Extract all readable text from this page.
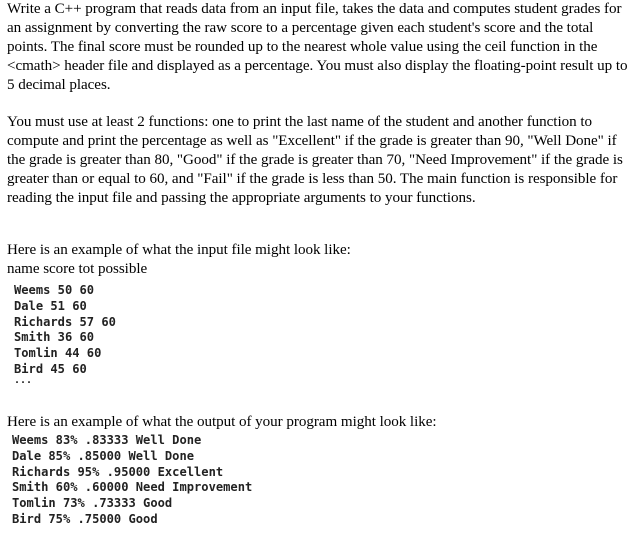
Write a C++ program that reads data from an input file, takes the data and computes student grades for an assignment by converting the raw score to a percentage given each student's score and the total points. The final score must be rounded up to the nearest whole value using the ceil function in the <cmath> header file and displayed as a percentage. You must also display the floating-point result up to 5 decimal places.

You must use at least 2 functions: one to print the last name of the student and another function to compute and print the percentage as well as "Excellent" if the grade is greater than 90, "Well Done" if the grade is greater than 80, "Good" if the grade is greater than 70, "Need Improvement" if the grade is greater than or equal to 60, and "Fail" if the grade is less than 50. The main function is responsible for reading the input file and passing the appropriate arguments to your functions.

Here is an example of what the input file might look like:
name score tot possible
Weems 50 60
Dale 51 60
Richards 57 60
Smith 36 60
Tomlin 44 60
Bird 45 60
...
Here is an example of what the output of your program might look like:
Weems 83% .83333 Well Done
Dale 85% .85000 Well Done
Richards 95% .95000 Excellent
Smith 60% .60000 Need Improvement
Tomlin 73% .73333 Good
Bird 75% .75000 Good
